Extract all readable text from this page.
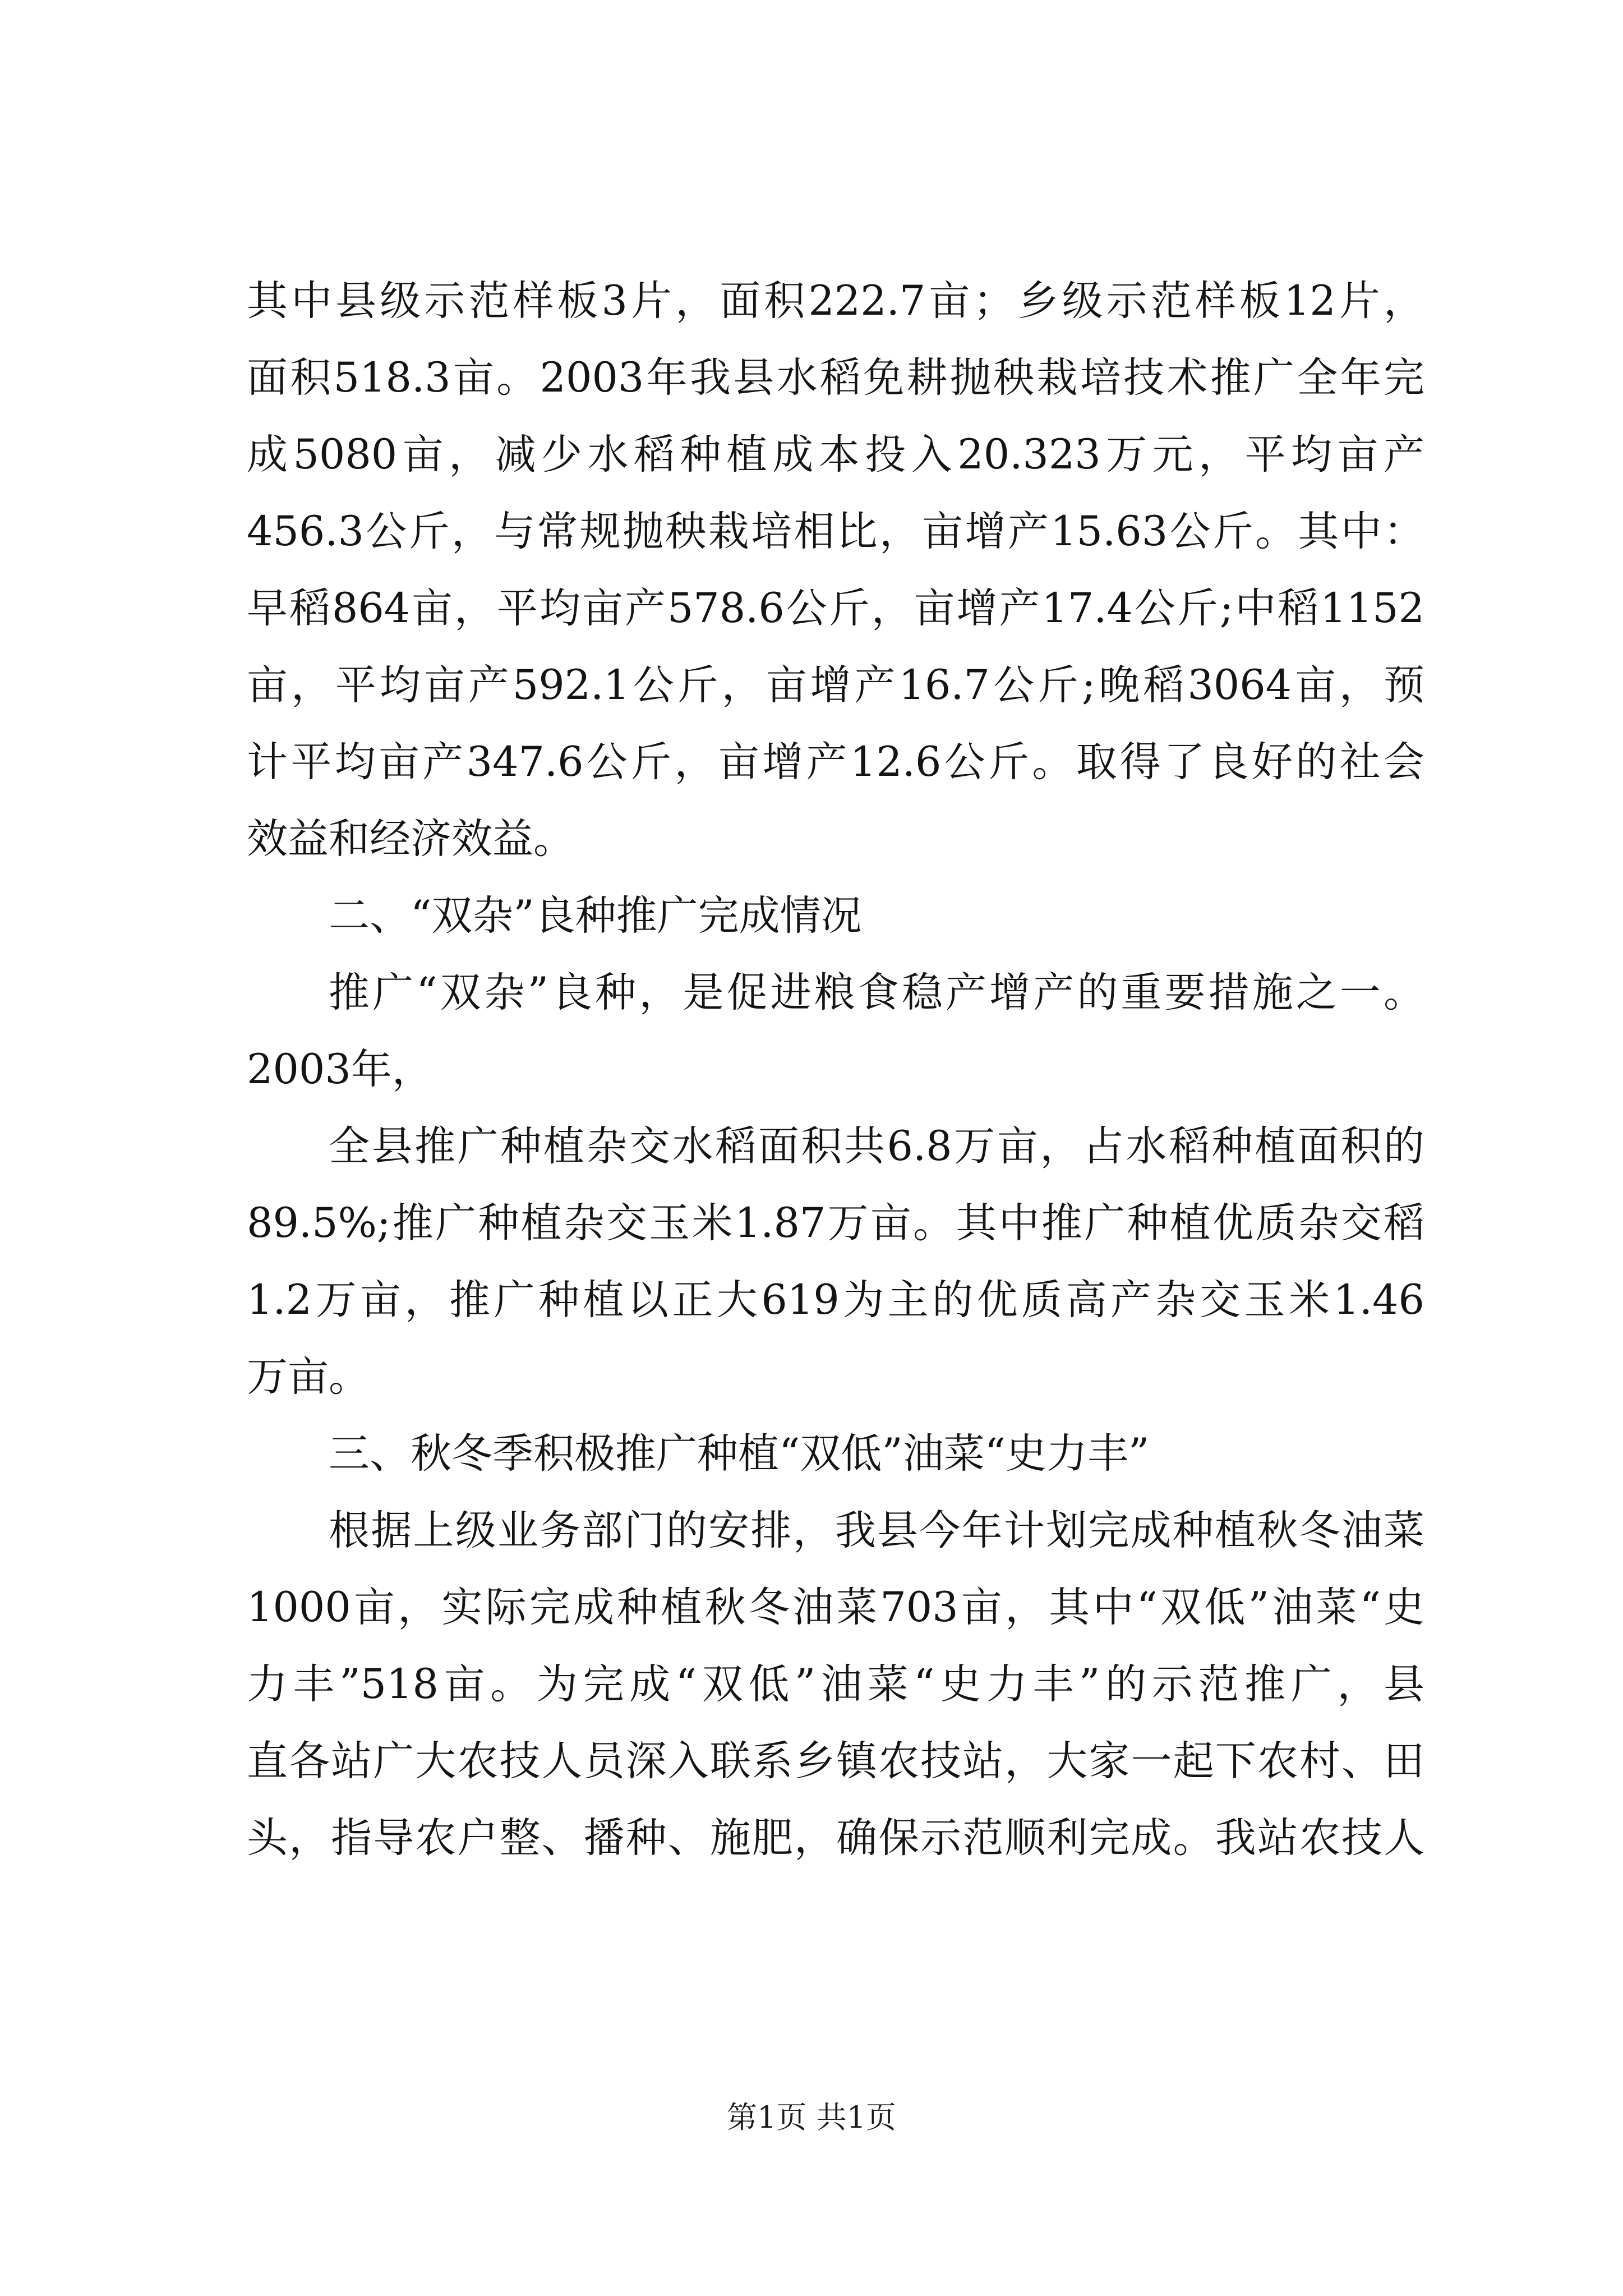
其中县级示范样板3片，面积222.7亩；乡级示范样板12片，
面积518.3亩。2003年我县水稻免耕抛秧栽培技术推广全年完
成5080亩，减少水稻种植成本投入20.323万元，平均亩产
456.3公斤，与常规抛秧栽培相比，亩增产15.63公斤。其中：
早稻864亩，平均亩产578.6公斤，亩增产17.4公斤;中稻1152
亩，平均亩产592.1公斤，亩增产16.7公斤;晚稻3064亩，预
计平均亩产347.6公斤，亩增产12.6公斤。取得了良好的社会
效益和经济效益。
二、“双杂”良种推广完成情况
推广“双杂”良种，是促进粮食稳产增产的重要措施之一。
2003年，
全县推广种植杂交水稻面积共6.8万亩，占水稻种植面积的
89.5%;推广种植杂交玉米1.87万亩。其中推广种植优质杂交稻
1.2万亩，推广种植以正大619为主的优质高产杂交玉米1.46
万亩。
三、秋冬季积极推广种植“双低”油菜“史力丰”
根据上级业务部门的安排，我县今年计划完成种植秋冬油菜
1000亩，实际完成种植秋冬油菜703亩，其中“双低”油菜“史
力丰”518亩。为完成“双低”油菜“史力丰”的示范推广，县
直各站广大农技人员深入联系乡镇农技站，大家一起下农村、田
头，指导农户整、播种、施肥，确保示范顺利完成。我站农技人
第1页 共1页
